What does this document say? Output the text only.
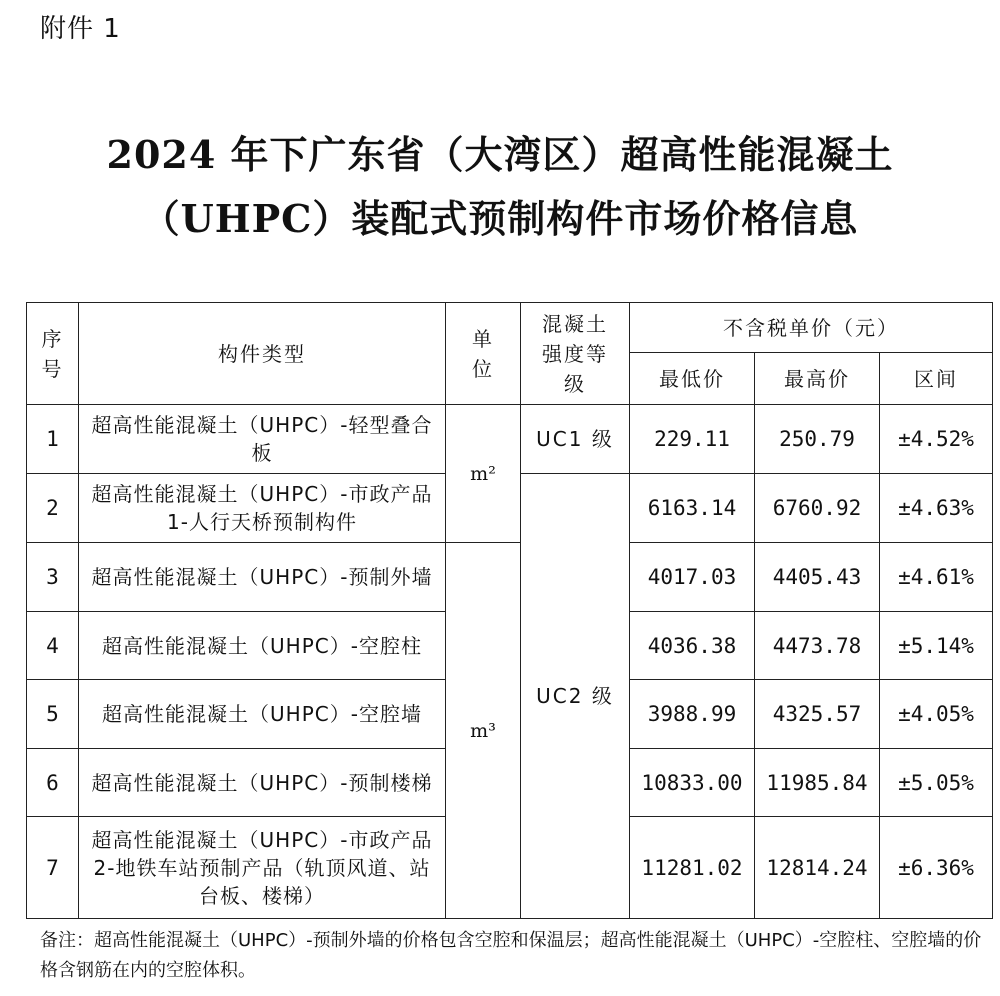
附件 1
2024 年下广东省（大湾区）超高性能混凝土
（UHPC）装配式预制构件市场价格信息
序号	构件类型	单位	混凝土强度等级	不含税单价（元）		
				最低价	最高价	区间
1	超高性能混凝土（UHPC）-轻型叠合板	m²	UC1 级	229.11	250.79	±4.52%
2	超高性能混凝土（UHPC）-市政产品 1-人行天桥预制构件		UC2 级	6163.14	6760.92	±4.63%
3	超高性能混凝土（UHPC）-预制外墙	m³		4017.03	4405.43	±4.61%
4	超高性能混凝土（UHPC）-空腔柱			4036.38	4473.78	±5.14%
5	超高性能混凝土（UHPC）-空腔墙			3988.99	4325.57	±4.05%
6	超高性能混凝土（UHPC）-预制楼梯			10833.00	11985.84	±5.05%
7	超高性能混凝土（UHPC）-市政产品 2-地铁车站预制产品（轨顶风道、站台板、楼梯）			11281.02	12814.24	±6.36%
备注：超高性能混凝土（UHPC）-预制外墙的价格包含空腔和保温层；超高性能混凝土（UHPC）-空腔柱、空腔墙的价格含钢筋在内的空腔体积。
